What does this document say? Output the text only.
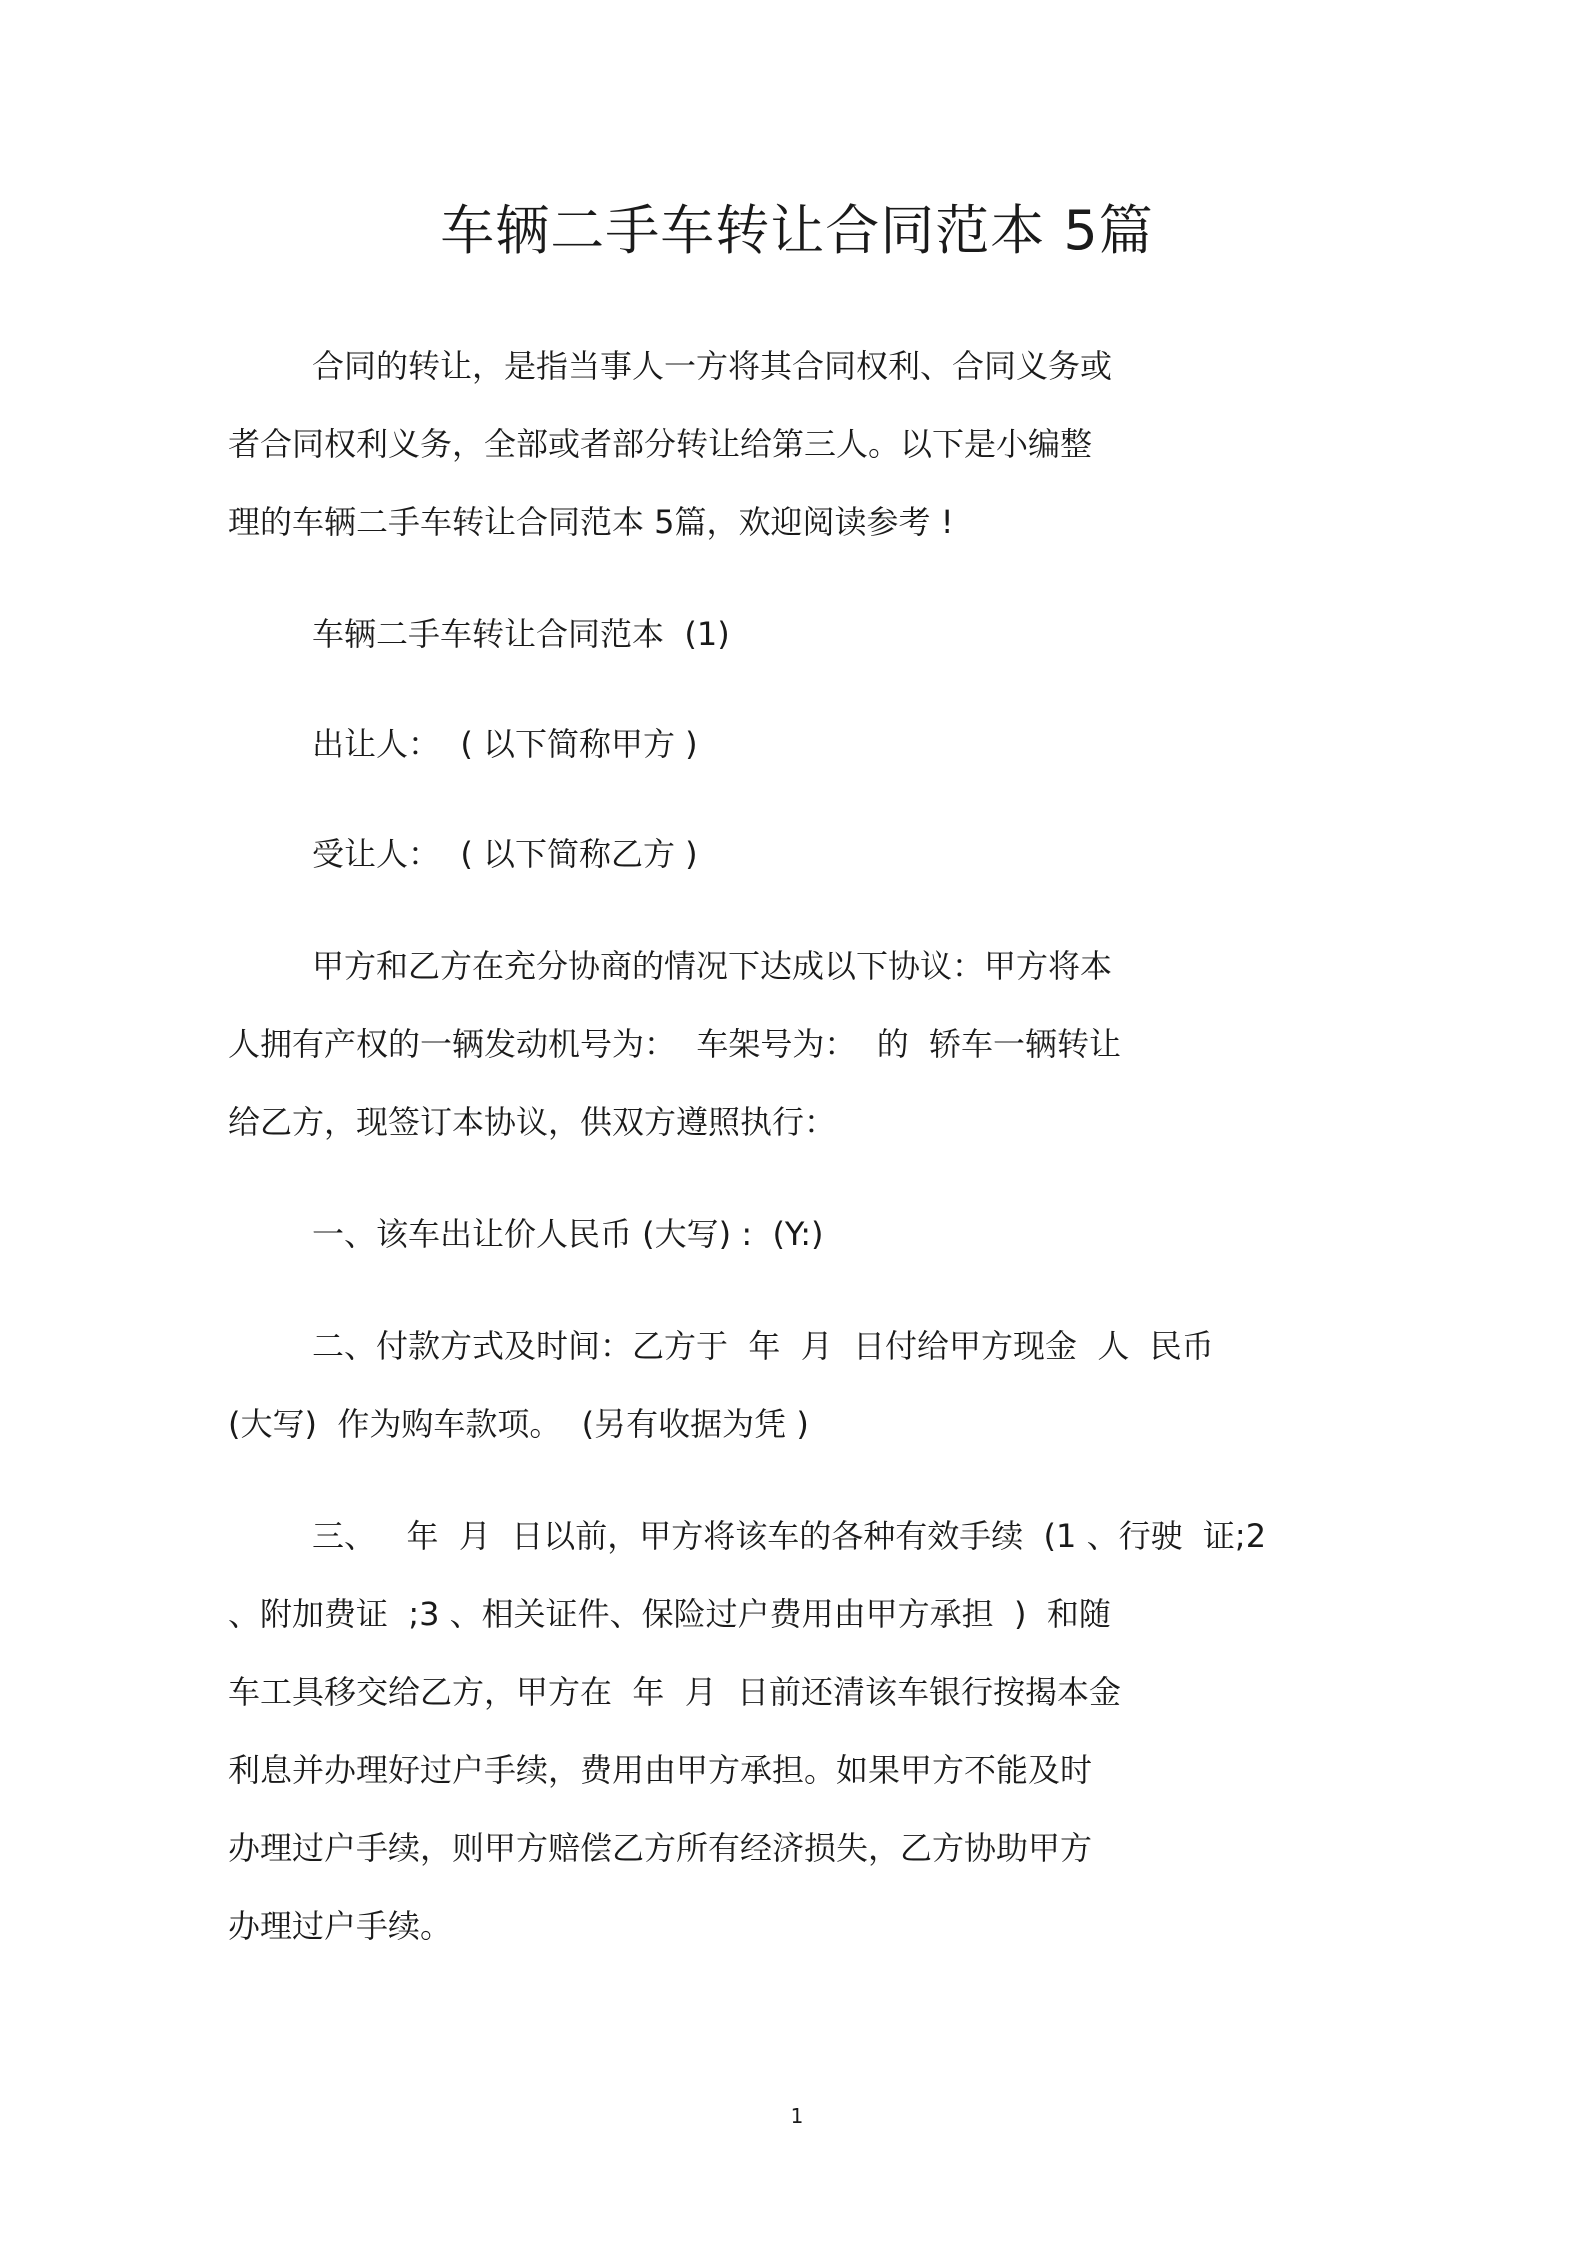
车辆二手车转让合同范本 5篇
合同的转让，是指当事人一方将其合同权利、合同义务或
者合同权利义务，全部或者部分转让给第三人。以下是小编整
理的车辆二手车转让合同范本 5篇，欢迎阅读参考 !
车辆二手车转让合同范本  (1)
出让人：  ( 以下简称甲方 )
受让人：  ( 以下简称乙方 )
甲方和乙方在充分协商的情况下达成以下协议：甲方将本
人拥有产权的一辆发动机号为：  车架号为：  的  轿车一辆转让
给乙方，现签订本协议，供双方遵照执行：
一、该车出让价人民币 (大写) :  (Y:)
二、付款方式及时间：乙方于  年  月  日付给甲方现金  人  民币
(大写)  作为购车款项。  (另有收据为凭 )
三、   年  月  日以前，甲方将该车的各种有效手续  (1 、行驶  证;2
、附加费证  ;3 、相关证件、保险过户费用由甲方承担  )  和随
车工具移交给乙方，甲方在  年  月  日前还清该车银行按揭本金
利息并办理好过户手续，费用由甲方承担。如果甲方不能及时
办理过户手续，则甲方赔偿乙方所有经济损失，乙方协助甲方
办理过户手续。
1
